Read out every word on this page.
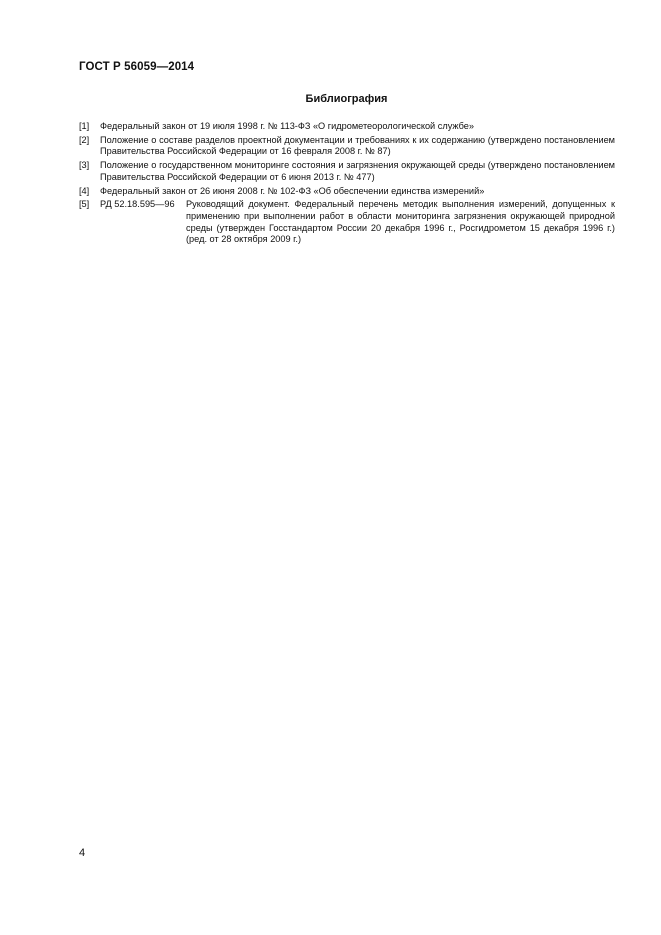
ГОСТ Р 56059—2014
Библиография
[1]	Федеральный закон от 19 июля 1998 г. № 113-ФЗ «О гидрометеорологической службе»
[2]	Положение о составе разделов проектной документации и требованиях к их содержанию (утверждено постановлением Правительства Российской Федерации от 16 февраля 2008 г. № 87)
[3]	Положение о государственном мониторинге состояния и загрязнения окружающей среды (утверждено постановлением Правительства Российской Федерации от 6 июня 2013 г. № 477)
[4]	Федеральный закон от 26 июня 2008 г. № 102-ФЗ «Об обеспечении единства измерений»
[5]	РД 52.18.595—96	Руководящий документ. Федеральный перечень методик выполнения измерений, допущенных к применению при выполнении работ в области мониторинга загрязнения окружающей природной среды (утвержден Госстандартом России 20 декабря 1996 г., Росгидрометом 15 декабря 1996 г.) (ред. от 28 октября 2009 г.)
4
